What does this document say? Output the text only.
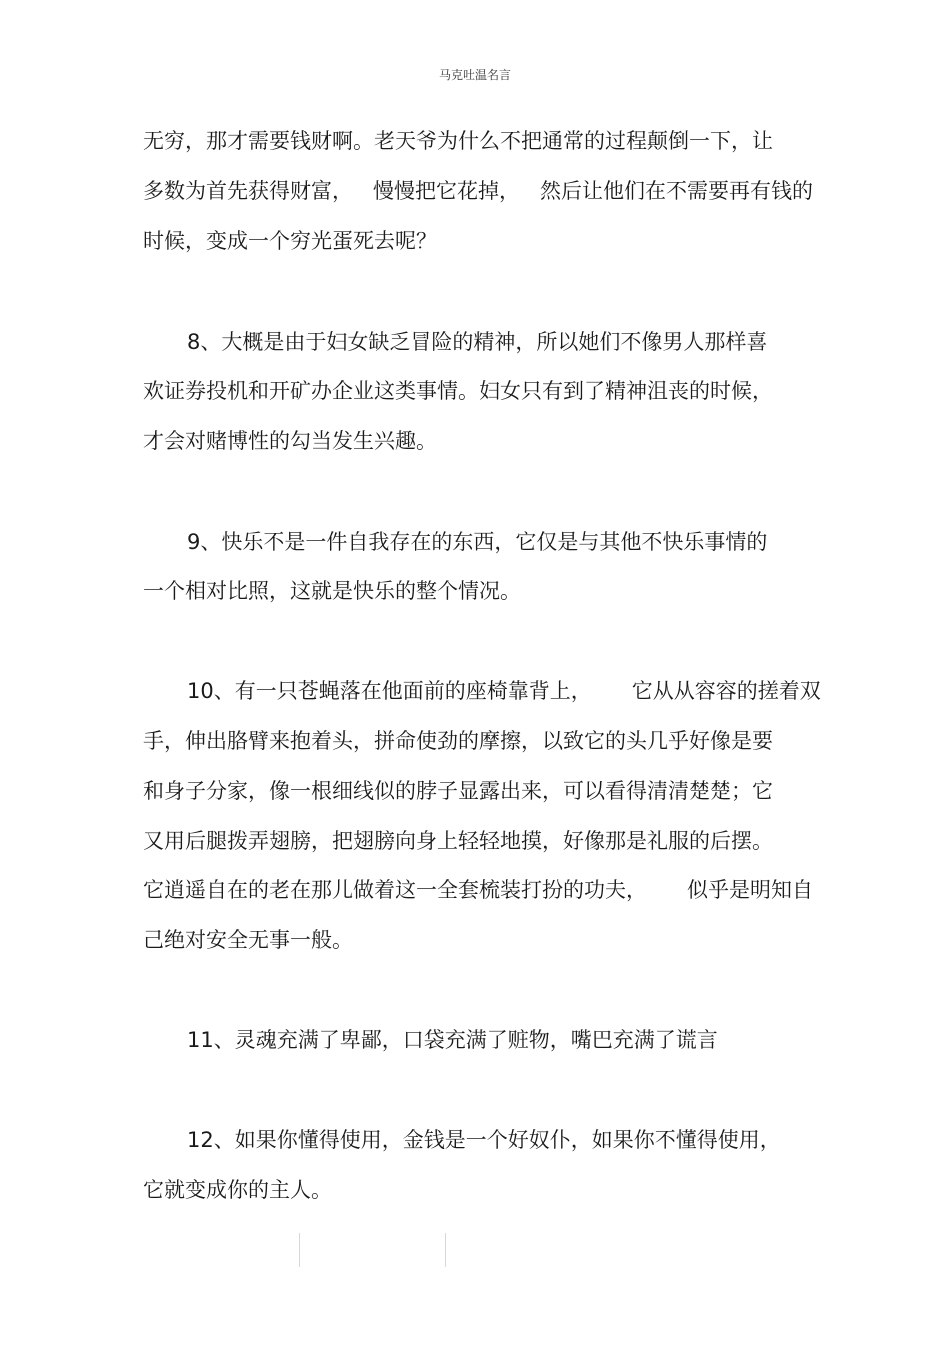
马克吐温名言
无穷，那才需要钱财啊。老天爷为什么不把通常的过程颠倒一下，让
多数为首先获得财富，   慢慢把它花掉，   然后让他们在不需要再有钱的
时候，变成一个穷光蛋死去呢？
8、大概是由于妇女缺乏冒险的精神，所以她们不像男人那样喜
欢证券投机和开矿办企业这类事情。妇女只有到了精神沮丧的时候，
才会对赌博性的勾当发生兴趣。
9、快乐不是一件自我存在的东西，它仅是与其他不快乐事情的
一个相对比照，这就是快乐的整个情况。
10、有一只苍蝇落在他面前的座椅靠背上，      它从从容容的搓着双
手，伸出胳臂来抱着头，拼命使劲的摩擦，以致它的头几乎好像是要
和身子分家，像一根细线似的脖子显露出来，可以看得清清楚楚；它
又用后腿拨弄翅膀，把翅膀向身上轻轻地摸，好像那是礼服的后摆。
它逍遥自在的老在那儿做着这一全套梳装打扮的功夫，      似乎是明知自
己绝对安全无事一般。
11、灵魂充满了卑鄙，口袋充满了赃物，嘴巴充满了谎言
12、如果你懂得使用，金钱是一个好奴仆，如果你不懂得使用，
它就变成你的主人。
